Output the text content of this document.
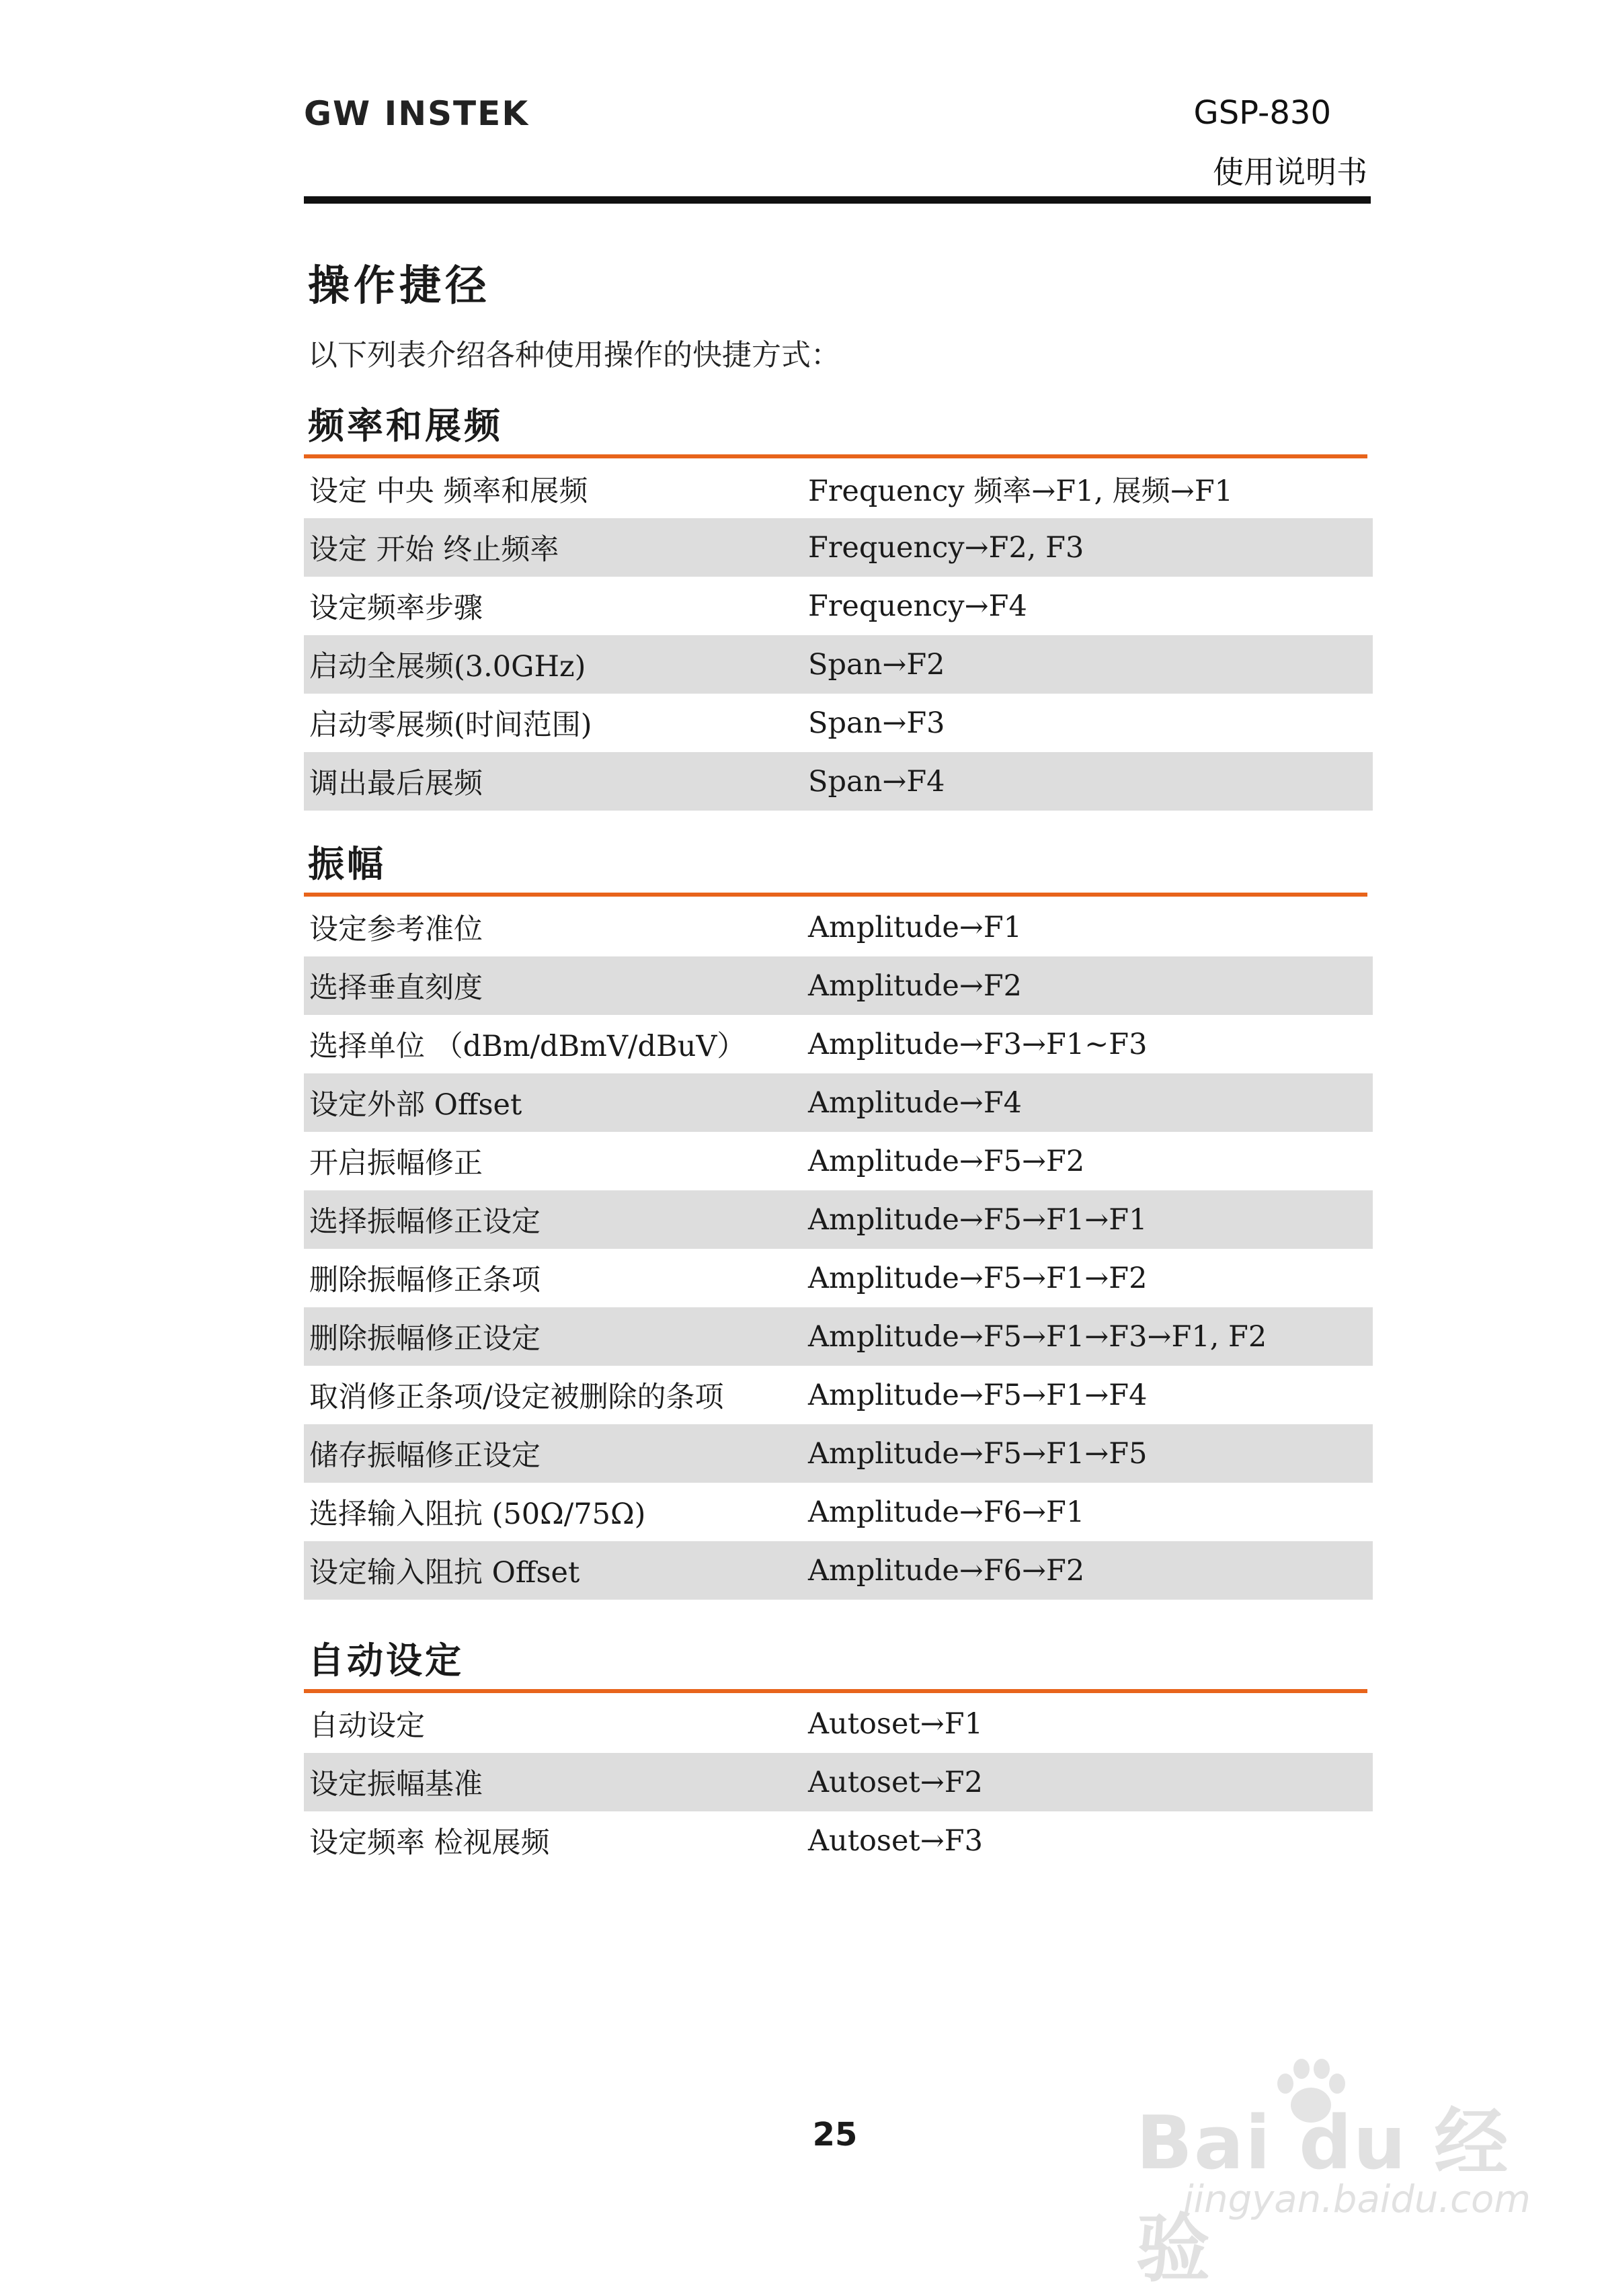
GW INSTEK	GSP-830
使用说明书
操作捷径
以下列表介绍各种使用操作的快捷方式：
频率和展频
设定 中央 频率和展频	Frequency 频率→F1, 展频→F1
设定 开始 终止频率	Frequency→F2, F3
设定频率步骤	Frequency→F4
启动全展频(3.0GHz)	Span→F2
启动零展频(时间范围)	Span→F3
调出最后展频	Span→F4
振幅
设定参考准位	Amplitude→F1
选择垂直刻度	Amplitude→F2
选择单位 （dBm/dBmV/dBuV）	Amplitude→F3→F1~F3
设定外部 Offset	Amplitude→F4
开启振幅修正	Amplitude→F5→F2
选择振幅修正设定	Amplitude→F5→F1→F1
删除振幅修正条项	Amplitude→F5→F1→F2
删除振幅修正设定	Amplitude→F5→F1→F3→F1, F2
取消修正条项/设定被删除的条项	Amplitude→F5→F1→F4
储存振幅修正设定	Amplitude→F5→F1→F5
选择输入阻抗 (50Ω/75Ω)	Amplitude→F6→F1
设定输入阻抗 Offset	Amplitude→F6→F2
自动设定
自动设定	Autoset→F1
设定振幅基准	Autoset→F2
设定频率 检视展频	Autoset→F3
25	Bai du 经验
jingyan.baidu.com
